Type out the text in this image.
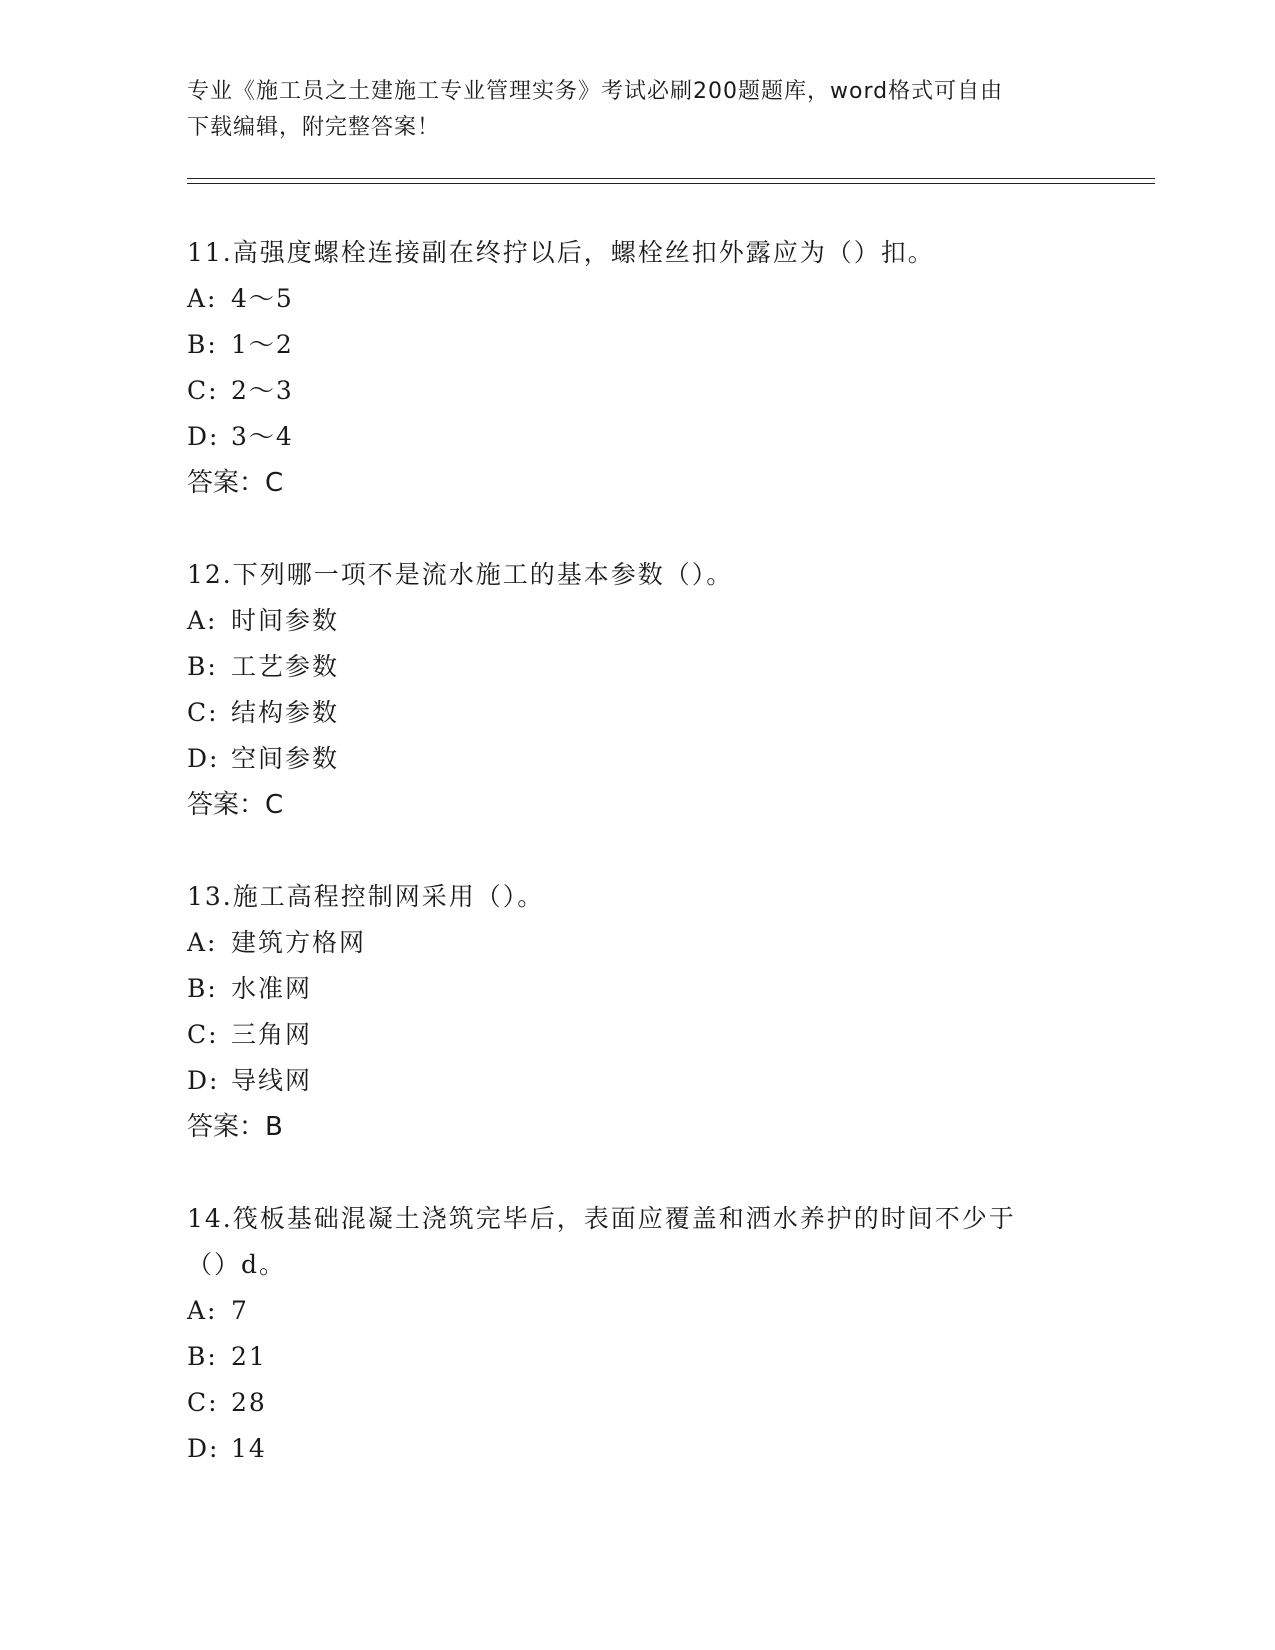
专业《施工员之土建施工专业管理实务》考试必刷200题题库，word格式可自由
下载编辑，附完整答案！

11.高强度螺栓连接副在终拧以后，螺栓丝扣外露应为（）扣。

A: 4～5

B: 1～2

C: 2～3

D: 3～4

答案：C

12.下列哪一项不是流水施工的基本参数（）。

A: 时间参数

B: 工艺参数

C: 结构参数

D: 空间参数

答案：C

13.施工高程控制网采用（）。

A: 建筑方格网

B: 水准网

C: 三角网

D: 导线网

答案：B

14.筏板基础混凝土浇筑完毕后，表面应覆盖和洒水养护的时间不少于

（）d。

A: 7

B: 21

C: 28

D: 14
